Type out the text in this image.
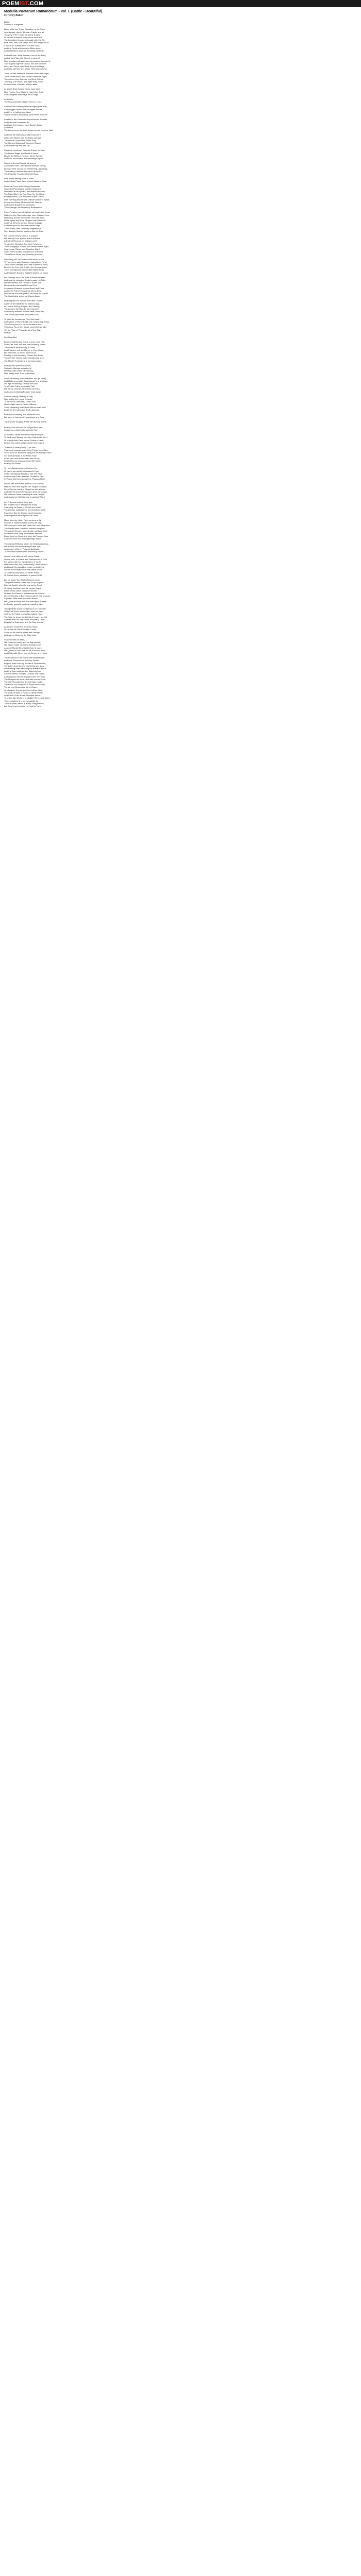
POEMIST.COM
Medulla Poetarum Romanorum - Vol. I. (Battle - Beautiful)

by Henry Baker

Battle.
See Rout. Slaughter.
Mean while the Trojan Squadron to the Town
Approaches, and th' Etrurian Chiefs, and all
Th' Army of the Horse, rang'd in Troops
Of certain Numbers ev'ry one of the Field.
The bounding Coursers struggle with the Bit,
Now This, now That Way turn'd, and neigh aloud:
A Wood of Javelins rises o'er the Plain;
And the Fields with Arms in Glitter shine,
And Mezentius, beneath the Walls of Rome.
Forthwith the Latins thunder'd round the Field,
And all the Plain with Steeds is cover'd,
Now shouting advance, and Vengeance threaten'd,
The Trojans urge the Chase, and hurl the Dart,
Here, and There, with Darts they fly in Rage,
And now all Pain, and all the Field lies burning.
Twice to their Walls the Tuscans chase the Flight,
Twice driven back, turn round to face the Fight,
They shoot, they thunder, and their Shields
They Fly, but reform, and again they return,
In one Flame of Wrath, all burn alike.
At length Both Armies Fierce each other,
Now Foot to Foot, Hand to Hand they fight,
And Slaughter both ways are in Rage.
As in War,
The long-extended Legion forms in Lines.
And now the Fainting Stars in bright gone Way,
And Rugged Rocks and Strongest Armies,
And Fire, in full-burning Light,
Stands Death's devouring, slow before the Line.
Loud thro' the Camp rise Loud Murmur Sounds,
And thick the Horsemen fly.
And hard the Heels of each Beast's Rage,
And Hoof,
The Army press, the loud Noise echoes from the Wall.
And now the Warriors all with busy Care,
When the Shields and the Darts prepare.
Then is the Trojan Host to the Fray,
The Horses Stand and Trumpets Sound,
And where they rise and fall.
Caesar's Lines with Care his Shores Review,
The Hearts Rage, the Hearts in Arms,
Moves the Belly of Fortune, all the Spears,
And thro' the Breach, the crowding Legions.
Stood, at the last Signal, all around
A thousand Files, a thousand Warriors strong,
Beyond were Clouds, or Glimmering Lightnings,
The roaring Cannons thunder'd all the Air,
The Plain like Thunder fill'd with Rage.
Now fill the thrilling Ears of Foes,
And serious Flame from serious Western Face.
From the Front, with Joining Squadrons
Stood the Pompeians' Infantry disposed;
He mark'd'd the Spears, and Hearts descend,
The River Ditch, the Foe Flow, the Hell-fires,
Beneath them Loud extended to the Ocean,
With Swelling Mouth was Caesar's Boldest Spear,
In sore the Shield, Rhine and the Swords,
And on the Breath from the Noise,
Thee Strange, the Mouth thy Brotherhood.
From Pompey's ample Wings, at length, the Horse
Wide o'er the Plain extending, who Caesar's Foot
Wheeling, around the hostile Line they went.
While lightly arm'd the Slingers march behind.
And thus they the serious Breach engage,
And hurl upon the Foe the missile Rage.
There Fiery Darts, and lofty Fingerbow'd,
Sky, flashing Swords scatter'd like the Rain.
But Caesar, timely careful, to support
His warring Foot against the First Effort,
A Body of Reserve, in Ordain'd sent.
To take the Wheeling Foe their Fury bent,
There Pompey's Troops, too forward of the Fight.
Stop, lance, Blood, and Daunting Sight,
Some Fiery Strokes, impatient of a Wound,
Their Riders throw, and Instantly go round.
Prevailing still, the Victors hold their Course,
Til Pompey's main Reserve expand their Force,
There in full Strength the Chief combine'd stood,
Bereft'd the Foe, and finish'd the Combat good,
There in suspense till uncertain Battle hung,
And Caesar's Burning Soldiers strain'd, or clung.
But Pompey soon, the Fate of Rome decreed,
And saw the changing Gods forsake his Side,
Hard to believe, the Throne in Ruins laid;
He stood the universal Fall and Fall,
In crimson Streams he saw Blood and Foes,
And in the Fall of Thousands fell no Rest;
He saw the Foe slaughter'd, at Rome his Hands,
The World-dear universal Warrior Bane.
Heading still, the Victors hold their Course,
And thus the Battle for all Nations fight,
All, on the Victory, Empire, and Liberty;
The Army of the War did their Swords,
And Ninety Nations, Roman bent; and Foes,
That of the lofty Force the Earth's Fall.
To wipe the tumultuous Field lies Death,
And waves of Horse Battle, his conquering Hosts,
They have pour'd to be the Romans here.
Victorious Fame they stood, and prostrate laid,
Yet the Plain of Pharsalia full of the Sky;
Beauty.
See Beautiful.
Beauty, that fleeting Good, proves early Fair,
Soon Fair, alas, will fade the Blooming Prime,
The Violet is early Fading in Time,
And Flowers, arid the Flame, in Fire, bloom;
Nor fair Lilies, in form'd Skies to be,
Fleeting is the Blooming Flower that Blush,
Then by the Virtues make thy Blessing sure,
The Mind's Perfections to the last endure.
Beauty, thou precious Bloom,
Stains by Mortals undestroy'd:
Fleeting Gifts which cannot stay,
How swiftly doth Thou post away!
Yours, charming Maid! will yield, though lovely,
And Riches proud by Beauteous-Form displays,
Old Age advancing, silently and slow,
To all that's Fair's removable Fair?
Not all thy Charms, ills hardly can pass,
And each endearing Feature must away.
An ever-lasting Serenity of Day,
How swiftly the Hours fly away;
To the Gods, Immortal, Time's Foe;
Glories fade, and is Flowery Bloom;
Yours, charming Maid! each Bloom must fade,
And then the admirable Truth appears.
Beauty's not lasting, nor a Human sure,
But soon or late we all must stoop and Rest.
The Fair are haughty, Pride with Beauty dwells.

Beauty, ever virtuous, is a Sight that's rare;
Chaste is no Epithet to suit with Fair.
All Perfect, cause they know they're simple,
To think such Beauty can from Fashion be free?
Or change that Face, or run Roads to bend:
Beauty and Virtue seldom have been joyn'd.
Trust not to Beauty only, O ye Fair!
That's not enough: make Kind Things your Care.
Greet the Foe, know the Tongue's endearing Grace,
For the Fair Maid of the Fresh Face.
All so soon are all the other Arts of Joy,
Death Hebrew only can retain the Heart:
Beauty, It's Power.
To him, disdaining to be King's a Toy,
Or proud her artfully distressed's Fear,
So by her Beauty Beautiful, Fair and Fear,
And trusting to her Beauty's Ornament Fair,
In Words like these began the Phaetan Maid:
In vain Her Words the Warrior's Soul would;
Had not her Face beyond her Tongue prevail'd,
Even Warrior murders Eloquence she shows,
And with the sweet Persuasion wins her Cause.
His stubborn Heart relenting at once Delight,
And grants her Suit his lone tenacious Wight.
Lo! Philomela enters richly gay;
But brighter far in Beauty than Array.
Charming, as Fame in Fiction see relate,
The Dryads, walking thro' the Woods in State:
Fancy her like the Naiads would express,
Allowing them her Elegance of Dress.
Mean time the Virgin Fleet, as sure to fly,
Swift as a Typhoon Arrow shows the Sky,
Still more and more, the Youth his Love advances:
The Races itself t'vault her charms complete;
The golden Arrows, unbred with but silent Care,
In wanton Fluid hang the Wheels are born.
Down from her Head, the long, fair Tresses flow,
And each kind Hair was lightning's Race.
The waving Ribbons, which her Beauty gracious,
Her snowy Skin with waving Purple dye;
As crimson Veils, in Palaces displayed,
To the whole Marble lend a blushing Shade.
Aloove, now, adorn'd with every Grace,
Shone forth, in Shape and Features like a God:
For Venus with her own Beauty of Youth,
Had flush'd her Son, and comely Locks adorn'd,
And breath'd a sparkling Lustre on his Eyes:
Such's the Beauty which the Artists Hand
To polish'd Ivory lends, to Silver, Brass,
Or Parian Stone, enchas'd in yellow Gold.
But for above the Rest in Beauty shines
The great Aeneas, when the Troop he joins:
Like fair Apollo, when he leaves the Frost
Of wintry Xanthus, and the Lycian Coast:
When to his native Delos he resorts,
Ordains the Dances, and renews the Sports.
Green Wreaths of Bays his Length of Hair enclose:
A golden Fillet binds his awful Brows:
His Quiver sounds: Not less the Prince is seen
In Beauty, graceful, and commanding Mien.
Young Pallas shone conspicuous o'er the rest:
Gilded his Arms, embroider'd was his Vest.
So from the Seas, exerts his radiant Head,
The Star, by whom the Lights of Heav'n are led:
Shakes from his rosy Locks the pearly Dews;
Dispels the Darkness, and the Day renews.
As Lucifer excels the meanest Stars,
Or, as the full Orb'd Phoebe Lucifer;
So much did Narcis all the rest outrage,
And gave a Grace to the Solemnity.
Graceful was his Mien,
His Features lovely, and his Age serene;
His hallo'd made his native Beauty more:
A purple Mantle fring'd with Gold he wore;
His Quiver of Gold was on his Shoulder worn,
And Holly with Myrrh was his Crown of Ivy Hair.
The beauteous Fair shone with celestial Fire,
And crop Odours from the fiery Lauriel.
Brighter than Gold thy burnish'd Tresses flow;
Thy balmy Lips like the bright Crimson glow,
Resembling Stars radiating thy Brilliants Moon,
And thy Eyes outshine the Dazzling Sun.
Each Goddess' Graceful Charms she raised,
And spread'd all beauty gilded thro' the Town.
The Nymphs are clear, and with sorrow Pride,
The silly Threads thro' thy soft Ugly Locks,
Thy Nose, too lovely not to touch the Ground,
Thy air and Graces are full of Grace,
Of whatever Can be thy Coral Virtue, Boy!
Th' aerial of Stars is Heav'n's dewy Breath,
And Earth's Fair Breast Beauties weave,
To grace their Bodies, or gladden Pent-back Skies,
Yours, unadorn'd, is very exquisite by
There's some Defect in every Thing we see,
But Envy's self can find no Fault in Thee.
